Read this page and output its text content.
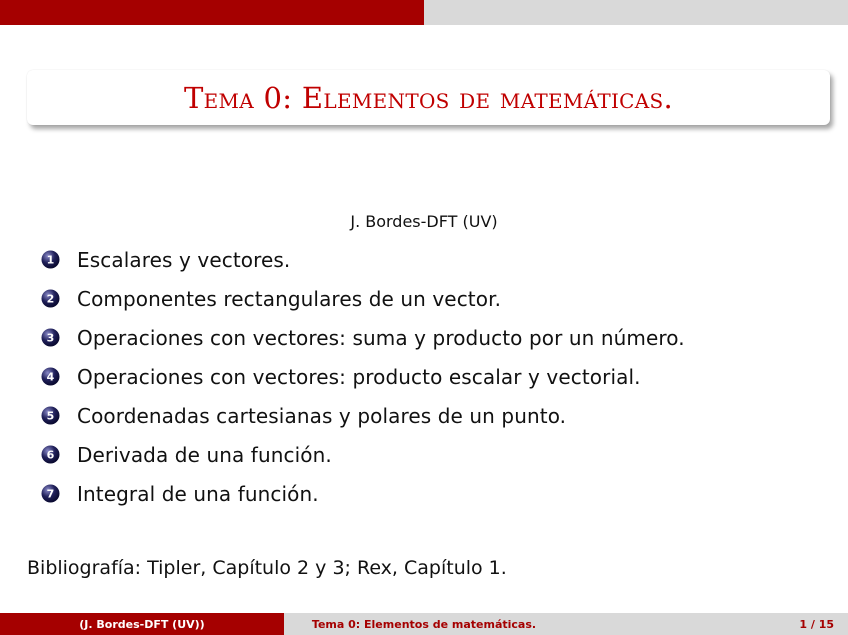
Tema 0: Elementos de matemáticas.
J. Bordes-DFT (UV)
1 Escalares y vectores.
2 Componentes rectangulares de un vector.
3 Operaciones con vectores: suma y producto por un número.
4 Operaciones con vectores: producto escalar y vectorial.
5 Coordenadas cartesianas y polares de un punto.
6 Derivada de una función.
7 Integral de una función.
Bibliografía: Tipler, Capítulo 2 y 3; Rex, Capítulo 1.
(J. Bordes-DFT (UV))	Tema 0: Elementos de matemáticas.	1 / 15
